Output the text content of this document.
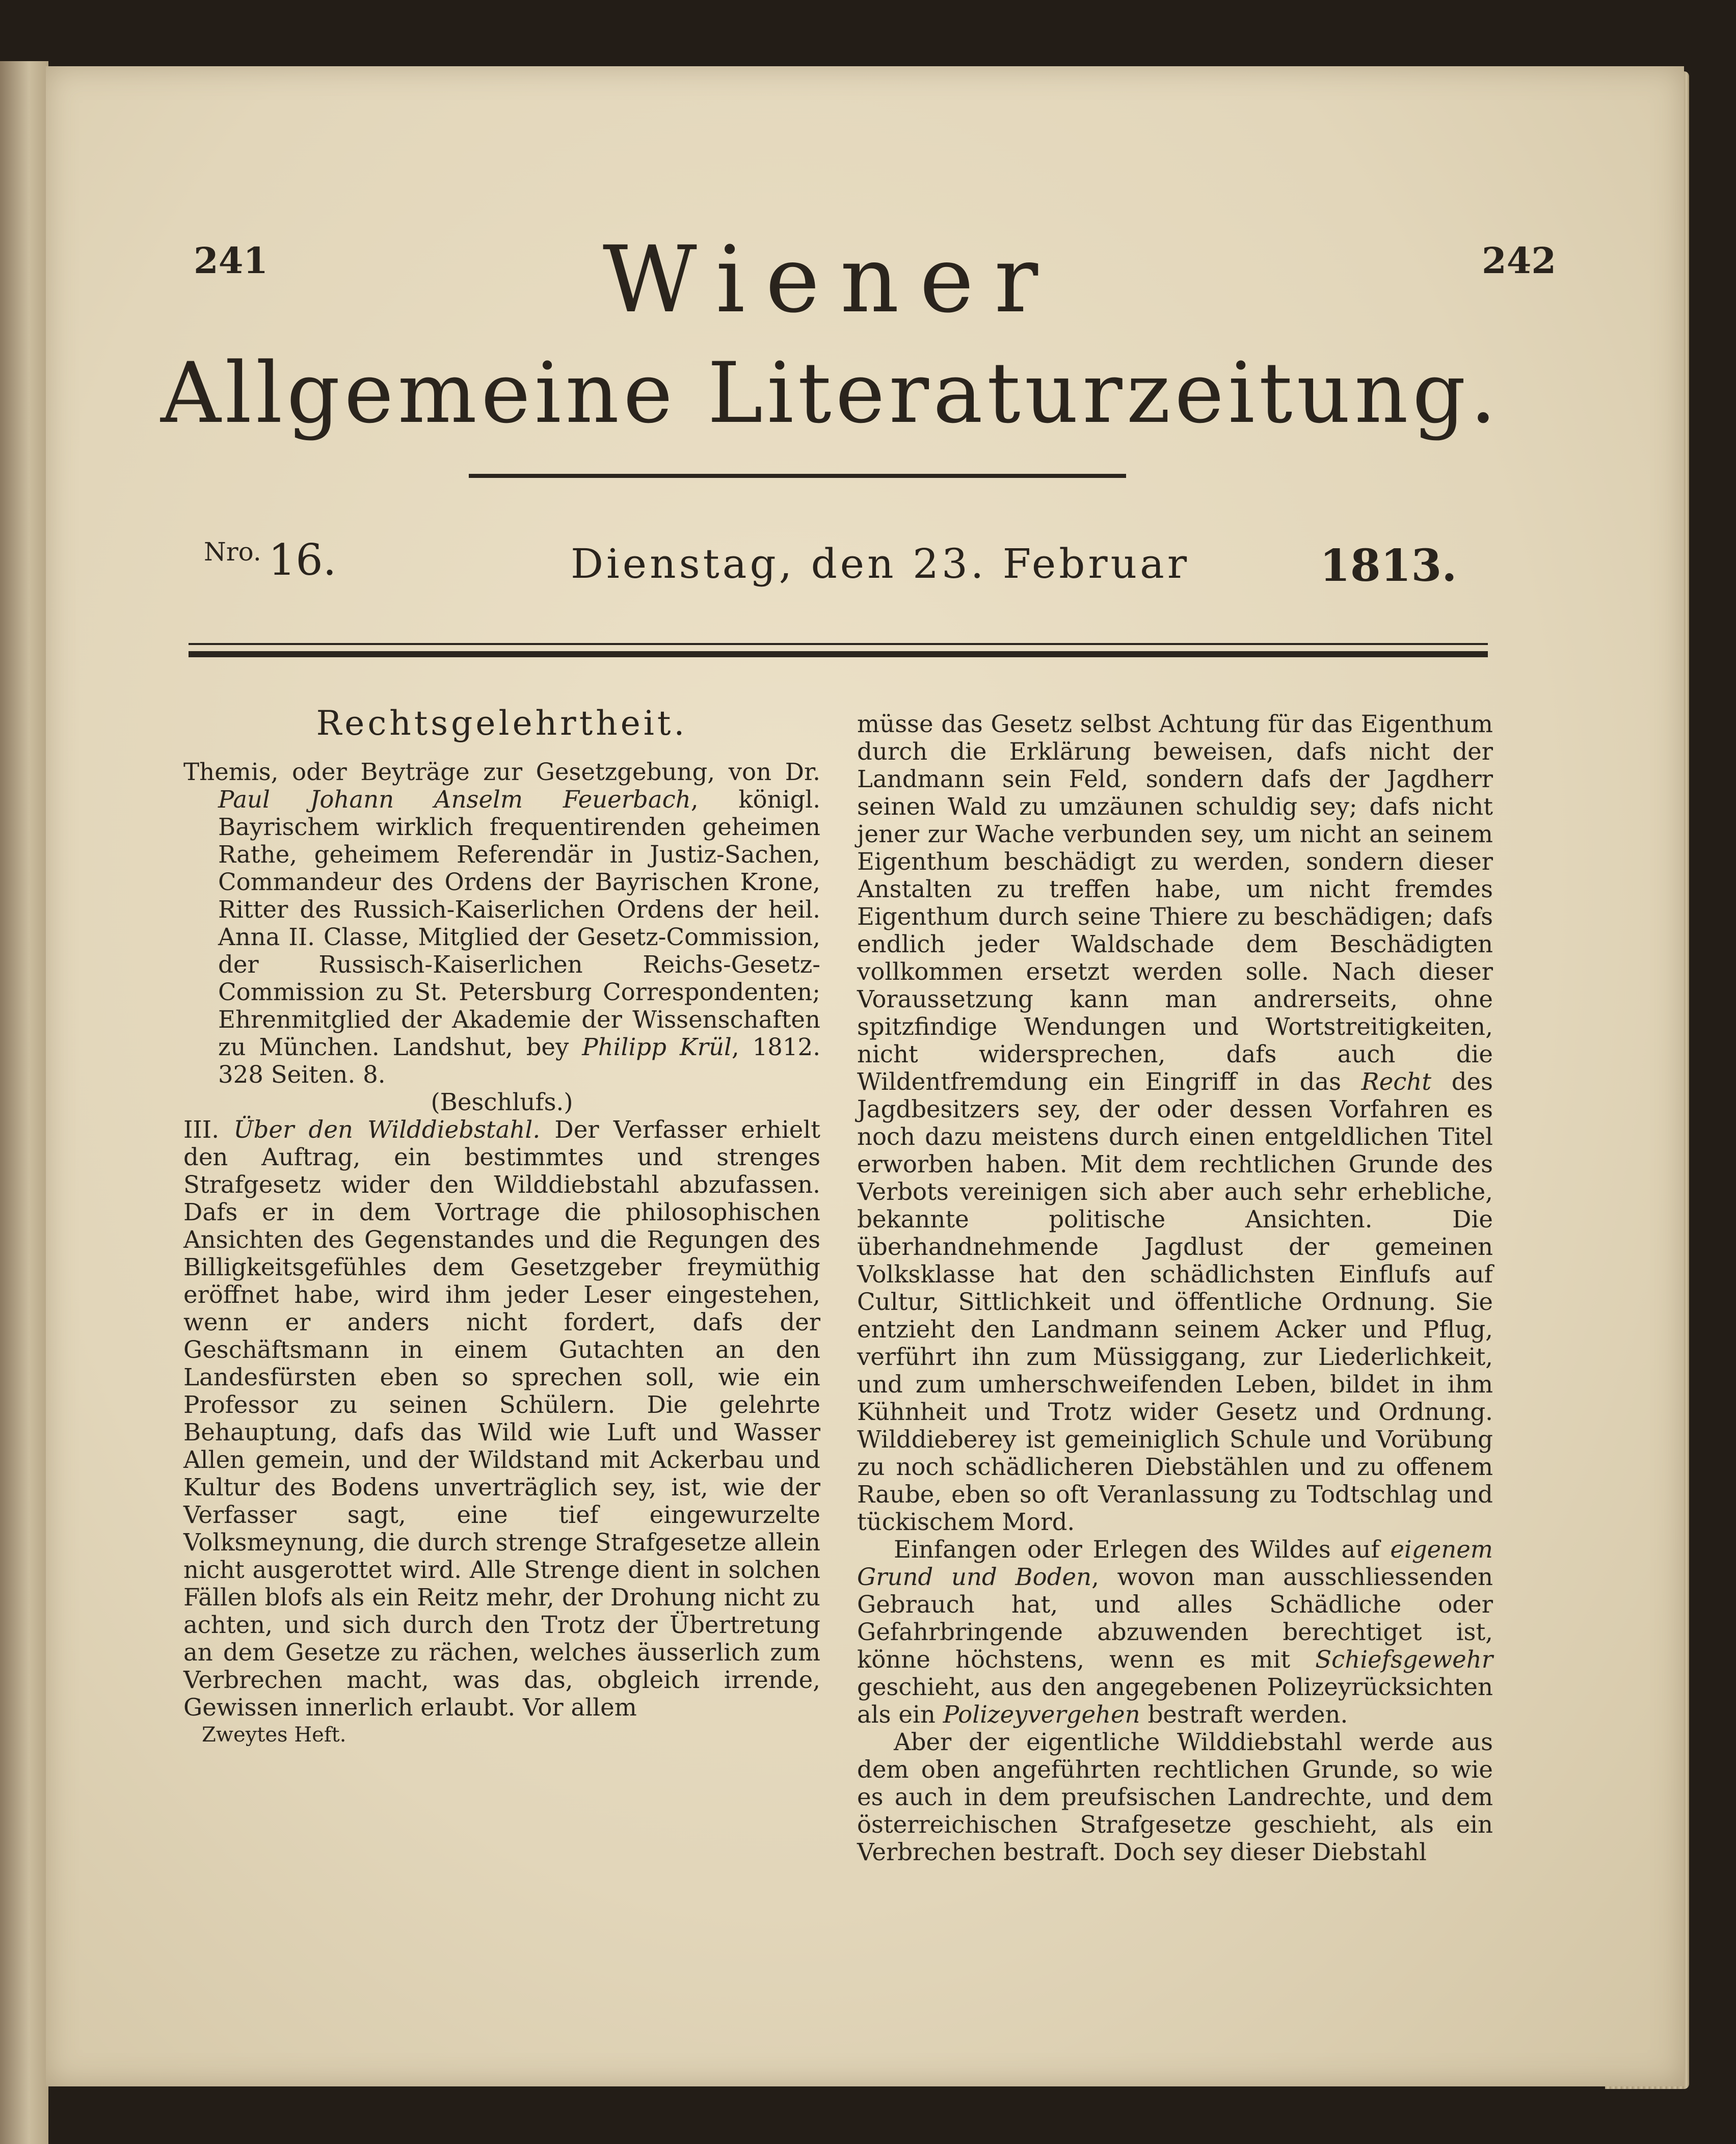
241	242
Wiener
Allgemeine Literaturzeitung.
$^{Nro.}$ 16.	Dienstag, den 23. Februar	1813.
Rechtsgelehrtheit.

Themis, oder Beyträge zur Gesetzgebung, von Dr. Paul Johann Anselm Feuerbach, königl. Bayrischem wirklich frequentirenden geheimen Rathe, geheimem Referendär in Justiz-Sachen, Commandeur des Ordens der Bayrischen Krone, Ritter des Russich-Kaiserlichen Ordens der heil. Anna II. Classe, Mitglied der Gesetz-Commission, der Russisch-Kaiserlichen Reichs-Gesetz-Commission zu St. Petersburg Correspondenten; Ehrenmitglied der Akademie der Wissenschaften zu München. Landshut, bey Philipp Krül, 1812. 328 Seiten. 8.

(Beschlufs.)

III. Über den Wilddiebstahl. Der Verfasser erhielt den Auftrag, ein bestimmtes und strenges Strafgesetz wider den Wilddiebstahl abzufassen. Dafs er in dem Vortrage die philosophischen Ansichten des Gegenstandes und die Regungen des Billigkeitsgefühles dem Gesetzgeber freymüthig eröffnet habe, wird ihm jeder Leser eingestehen, wenn er anders nicht fordert, dafs der Geschäftsmann in einem Gutachten an den Landesfürsten eben so sprechen soll, wie ein Professor zu seinen Schülern. Die gelehrte Behauptung, dafs das Wild wie Luft und Wasser Allen gemein, und der Wildstand mit Ackerbau und Kultur des Bodens unverträglich sey, ist, wie der Verfasser sagt, eine tief eingewurzelte Volksmeynung, die durch strenge Strafgesetze allein nicht ausgerottet wird. Alle Strenge dient in solchen Fällen blofs als ein Reitz mehr, der Drohung nicht zu achten, und sich durch den Trotz der Übertretung an dem Gesetze zu rächen, welches äusserlich zum Verbrechen macht, was das, obgleich irrende, Gewissen innerlich erlaubt. Vor allem

Zweytes Heft.

müsse das Gesetz selbst Achtung für das Eigenthum durch die Erklärung beweisen, dafs nicht der Landmann sein Feld, sondern dafs der Jagdherr seinen Wald zu umzäunen schuldig sey; dafs nicht jener zur Wache verbunden sey, um nicht an seinem Eigenthum beschädigt zu werden, sondern dieser Anstalten zu treffen habe, um nicht fremdes Eigenthum durch seine Thiere zu beschädigen; dafs endlich jeder Waldschade dem Beschädigten vollkommen ersetzt werden solle. Nach dieser Voraussetzung kann man andrerseits, ohne spitzfindige Wendungen und Wortstreitigkeiten, nicht widersprechen, dafs auch die Wildentfremdung ein Eingriff in das Recht des Jagdbesitzers sey, der oder dessen Vorfahren es noch dazu meistens durch einen entgeldlichen Titel erworben haben. Mit dem rechtlichen Grunde des Verbots vereinigen sich aber auch sehr erhebliche, bekannte politische Ansichten. Die überhandnehmende Jagdlust der gemeinen Volksklasse hat den schädlichsten Einflufs auf Cultur, Sittlichkeit und öffentliche Ordnung. Sie entzieht den Landmann seinem Acker und Pflug, verführt ihn zum Müssiggang, zur Liederlichkeit, und zum umherschweifenden Leben, bildet in ihm Kühnheit und Trotz wider Gesetz und Ordnung. Wilddieberey ist gemeiniglich Schule und Vorübung zu noch schädlicheren Diebstählen und zu offenem Raube, eben so oft Veranlassung zu Todtschlag und tückischem Mord.

Einfangen oder Erlegen des Wildes auf eigenem Grund und Boden, wovon man ausschliessenden Gebrauch hat, und alles Schädliche oder Gefahrbringende abzuwenden berechtiget ist, könne höchstens, wenn es mit Schiefsgewehr geschieht, aus den angegebenen Polizeyrücksichten als ein Polizeyvergehen bestraft werden.

Aber der eigentliche Wilddiebstahl werde aus dem oben angeführten rechtlichen Grunde, so wie es auch in dem preufsischen Landrechte, und dem österreichischen Strafgesetze geschieht, als ein Verbrechen bestraft. Doch sey dieser Diebstahl
